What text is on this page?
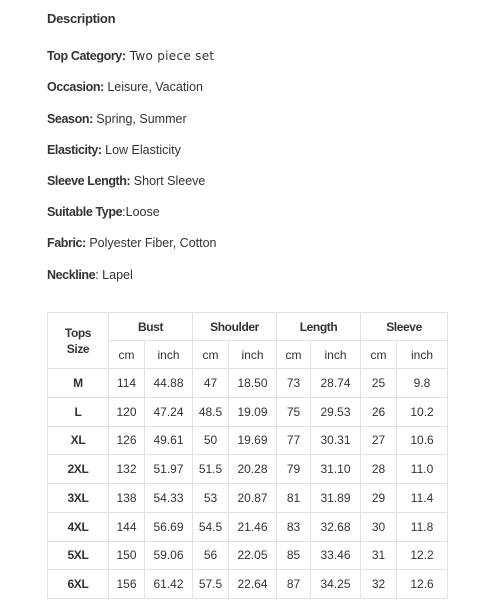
Description
Top Category: Two piece set
Occasion: Leisure, Vacation
Season: Spring, Summer
Elasticity: Low Elasticity
Sleeve Length: Short Sleeve
Suitable Type:Loose
Fabric: Polyester Fiber, Cotton
Neckline: Lapel
Tops Size	Bust		Shoulder		Length		Sleeve	
	cm	inch	cm	inch	cm	inch	cm	inch
M	114	44.88	47	18.50	73	28.74	25	9.8
L	120	47.24	48.5	19.09	75	29.53	26	10.2
XL	126	49.61	50	19.69	77	30.31	27	10.6
2XL	132	51.97	51.5	20.28	79	31.10	28	11.0
3XL	138	54.33	53	20.87	81	31.89	29	11.4
4XL	144	56.69	54.5	21.46	83	32.68	30	11.8
5XL	150	59.06	56	22.05	85	33.46	31	12.2
6XL	156	61.42	57.5	22.64	87	34.25	32	12.6
